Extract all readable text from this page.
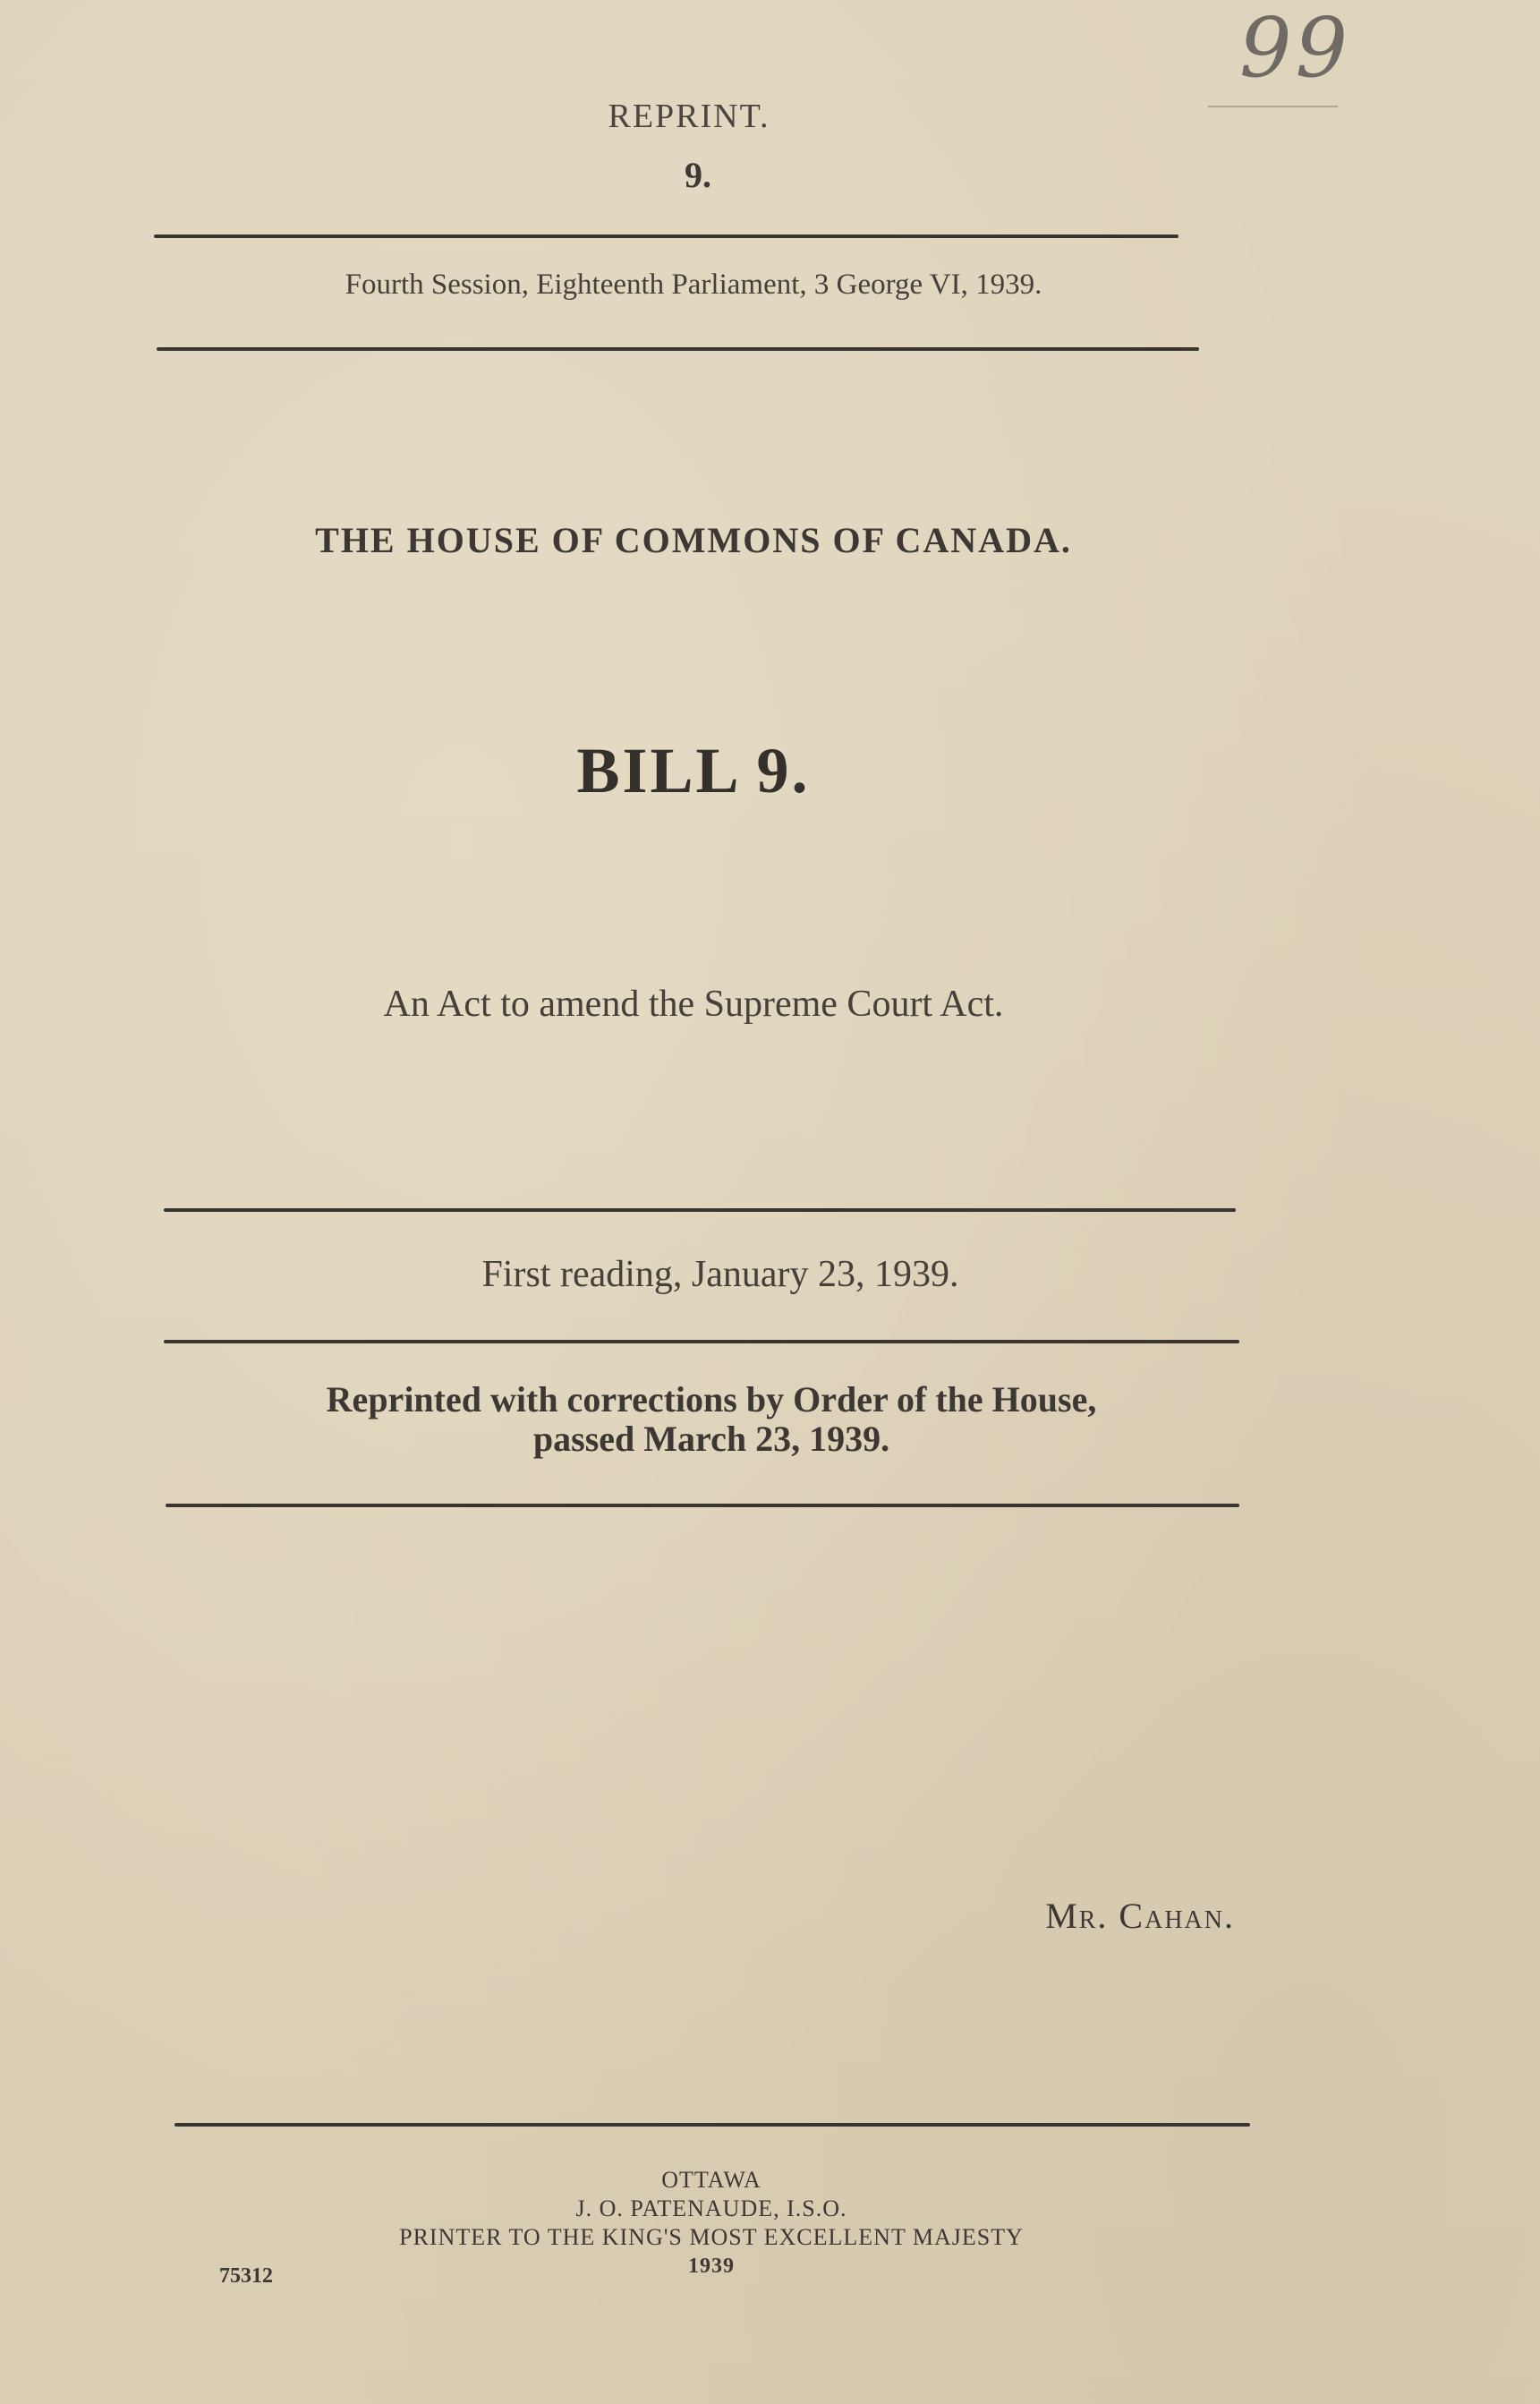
99
REPRINT.
9.
Fourth Session, Eighteenth Parliament, 3 George VI, 1939.
THE HOUSE OF COMMONS OF CANADA.
BILL 9.
An Act to amend the Supreme Court Act.
First reading, January 23, 1939.
Reprinted with corrections by Order of the House,
passed March 23, 1939.
Mr. Cahan.
OTTAWA
J. O. PATENAUDE, I.S.O.
PRINTER TO THE KING'S MOST EXCELLENT MAJESTY
1939
75312
